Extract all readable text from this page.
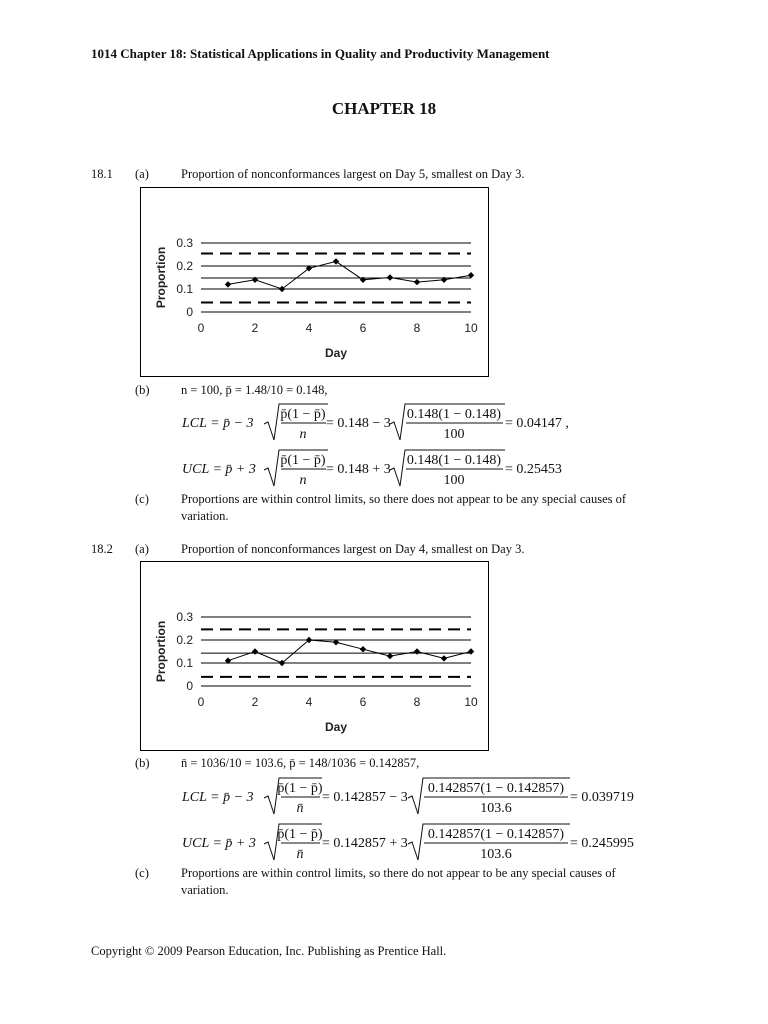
1014 Chapter 18: Statistical Applications in Quality and Productivity Management
CHAPTER 18
18.1 (a)	Proportion of nonconformances largest on Day 5, smallest on Day 3.
0
0.1
0.2
0.3
0	2	4	6	8	10
Day
Proportion
(b)	n = 100, p̄ = 1.48/10 = 0.148,
LCL = p̄ − 3
p̄(1 − p̄)
n
= 0.148 − 3
0.148(1 − 0.148)
100
= 0.04147 ,
UCL = p̄ + 3
p̄(1 − p̄)
n
= 0.148 + 3
0.148(1 − 0.148)
100
= 0.25453
(c)	Proportions are within control limits, so there does not appear to be any special causes of variation.
18.2 (a)	Proportion of nonconformances largest on Day 4, smallest on Day 3.
0
0.1
0.2
0.3
0	2	4	6	8	10
Day
Proportion
(b)	n̄ = 1036/10 = 103.6, p̄ = 148/1036 = 0.142857,
LCL = p̄ − 3
p̄(1 − p̄)
n̄
= 0.142857 − 3
0.142857(1 − 0.142857)
103.6
= 0.039719
UCL = p̄ + 3
p̄(1 − p̄)
n̄
= 0.142857 + 3
0.142857(1 − 0.142857)
103.6
= 0.245995
(c)	Proportions are within control limits, so there do not appear to be any special causes of variation.
Copyright © 2009 Pearson Education, Inc. Publishing as Prentice Hall.
